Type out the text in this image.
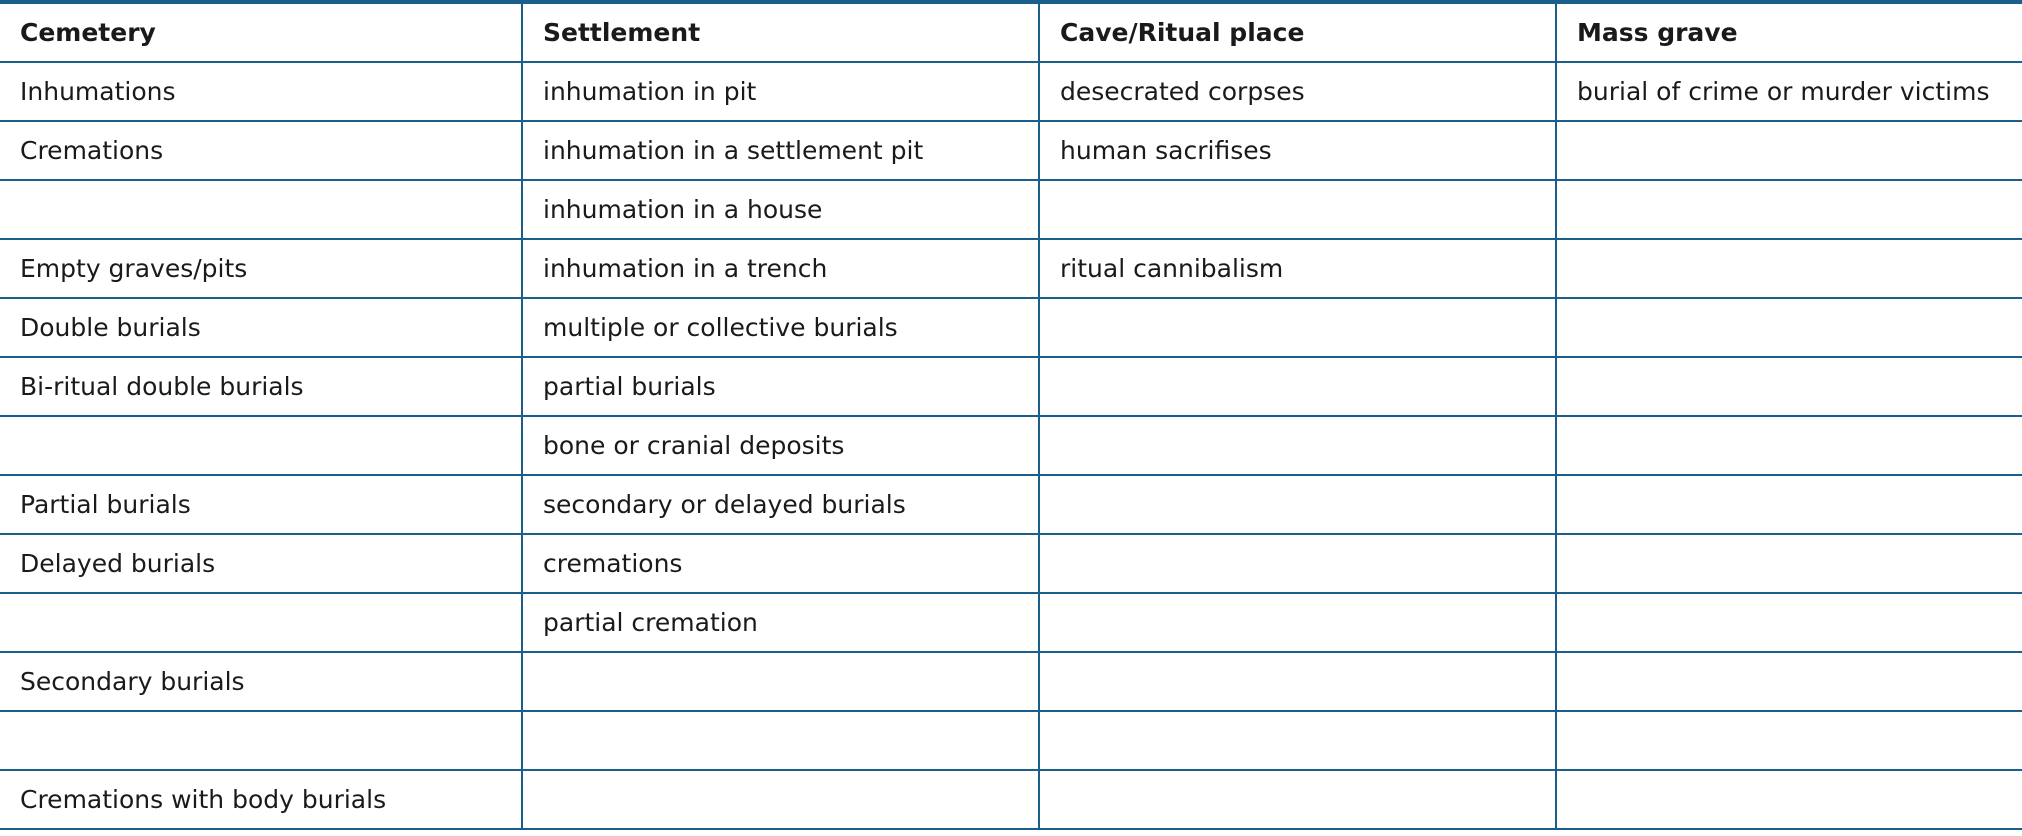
Cemetery	Settlement	Cave/Ritual place	Mass grave
Inhumations	inhumation in pit	desecrated corpses	burial of crime or murder victims
Cremations	inhumation in a settlement pit	human sacrifises	
	inhumation in a house		
Empty graves/pits	inhumation in a trench	ritual cannibalism	
Double burials	multiple or collective burials		
Bi-ritual double burials	partial burials		
	bone or cranial deposits		
Partial burials	secondary or delayed burials		
Delayed burials	cremations		
	partial cremation		
Secondary burials			

Cremations with body burials			
